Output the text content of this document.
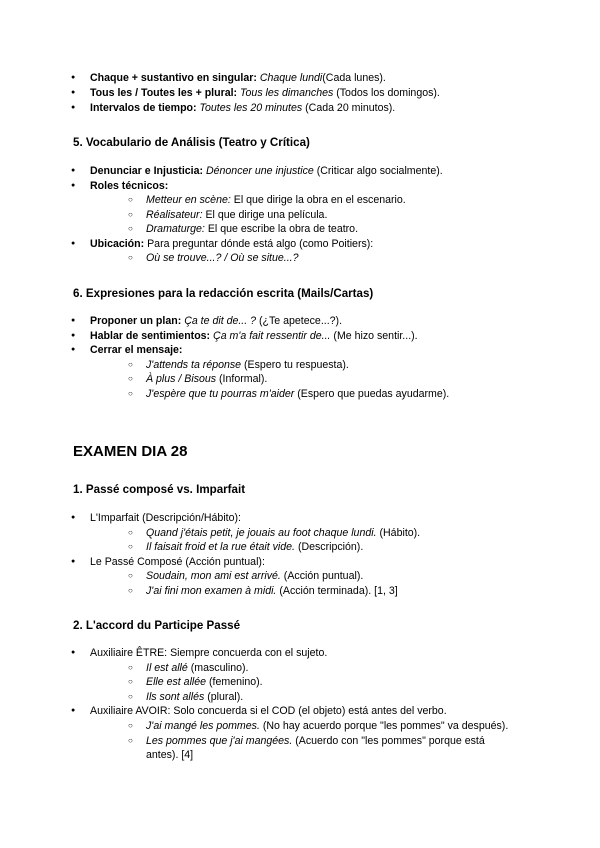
● Chaque + sustantivo en singular: Chaque lundi(Cada lunes).
● Tous les / Toutes les + plural: Tous les dimanches (Todos los domingos).
● Intervalos de tiempo: Toutes les 20 minutes (Cada 20 minutos).
5. Vocabulario de Análisis (Teatro y Crítica)
● Denunciar e Injusticia: Dénoncer une injustice (Criticar algo socialmente).
● Roles técnicos:
○ Metteur en scène: El que dirige la obra en el escenario.
○ Réalisateur: El que dirige una película.
○ Dramaturge: El que escribe la obra de teatro.
● Ubicación: Para preguntar dónde está algo (como Poitiers):
○ Où se trouve...? / Où se situe...?
6. Expresiones para la redacción escrita (Mails/Cartas)
● Proponer un plan: Ça te dit de... ? (¿Te apetece...?).
● Hablar de sentimientos: Ça m'a fait ressentir de... (Me hizo sentir...).
● Cerrar el mensaje:
○ J'attends ta réponse (Espero tu respuesta).
○ À plus / Bisous (Informal).
○ J'espère que tu pourras m'aider (Espero que puedas ayudarme).
EXAMEN DIA 28
1. Passé composé vs. Imparfait
● L'Imparfait (Descripción/Hábito):
○ Quand j'étais petit, je jouais au foot chaque lundi. (Hábito).
○ Il faisait froid et la rue était vide. (Descripción).
● Le Passé Composé (Acción puntual):
○ Soudain, mon ami est arrivé. (Acción puntual).
○ J'ai fini mon examen à midi. (Acción terminada). [1, 3]
2. L'accord du Participe Passé
● Auxiliaire ÊTRE: Siempre concuerda con el sujeto.
○ Il est allé (masculino).
○ Elle est allée (femenino).
○ Ils sont allés (plural).
● Auxiliaire AVOIR: Solo concuerda si el COD (el objeto) está antes del verbo.
○ J'ai mangé les pommes. (No hay acuerdo porque "les pommes" va después).
○ Les pommes que j'ai mangées. (Acuerdo con "les pommes" porque está
antes). [4]
